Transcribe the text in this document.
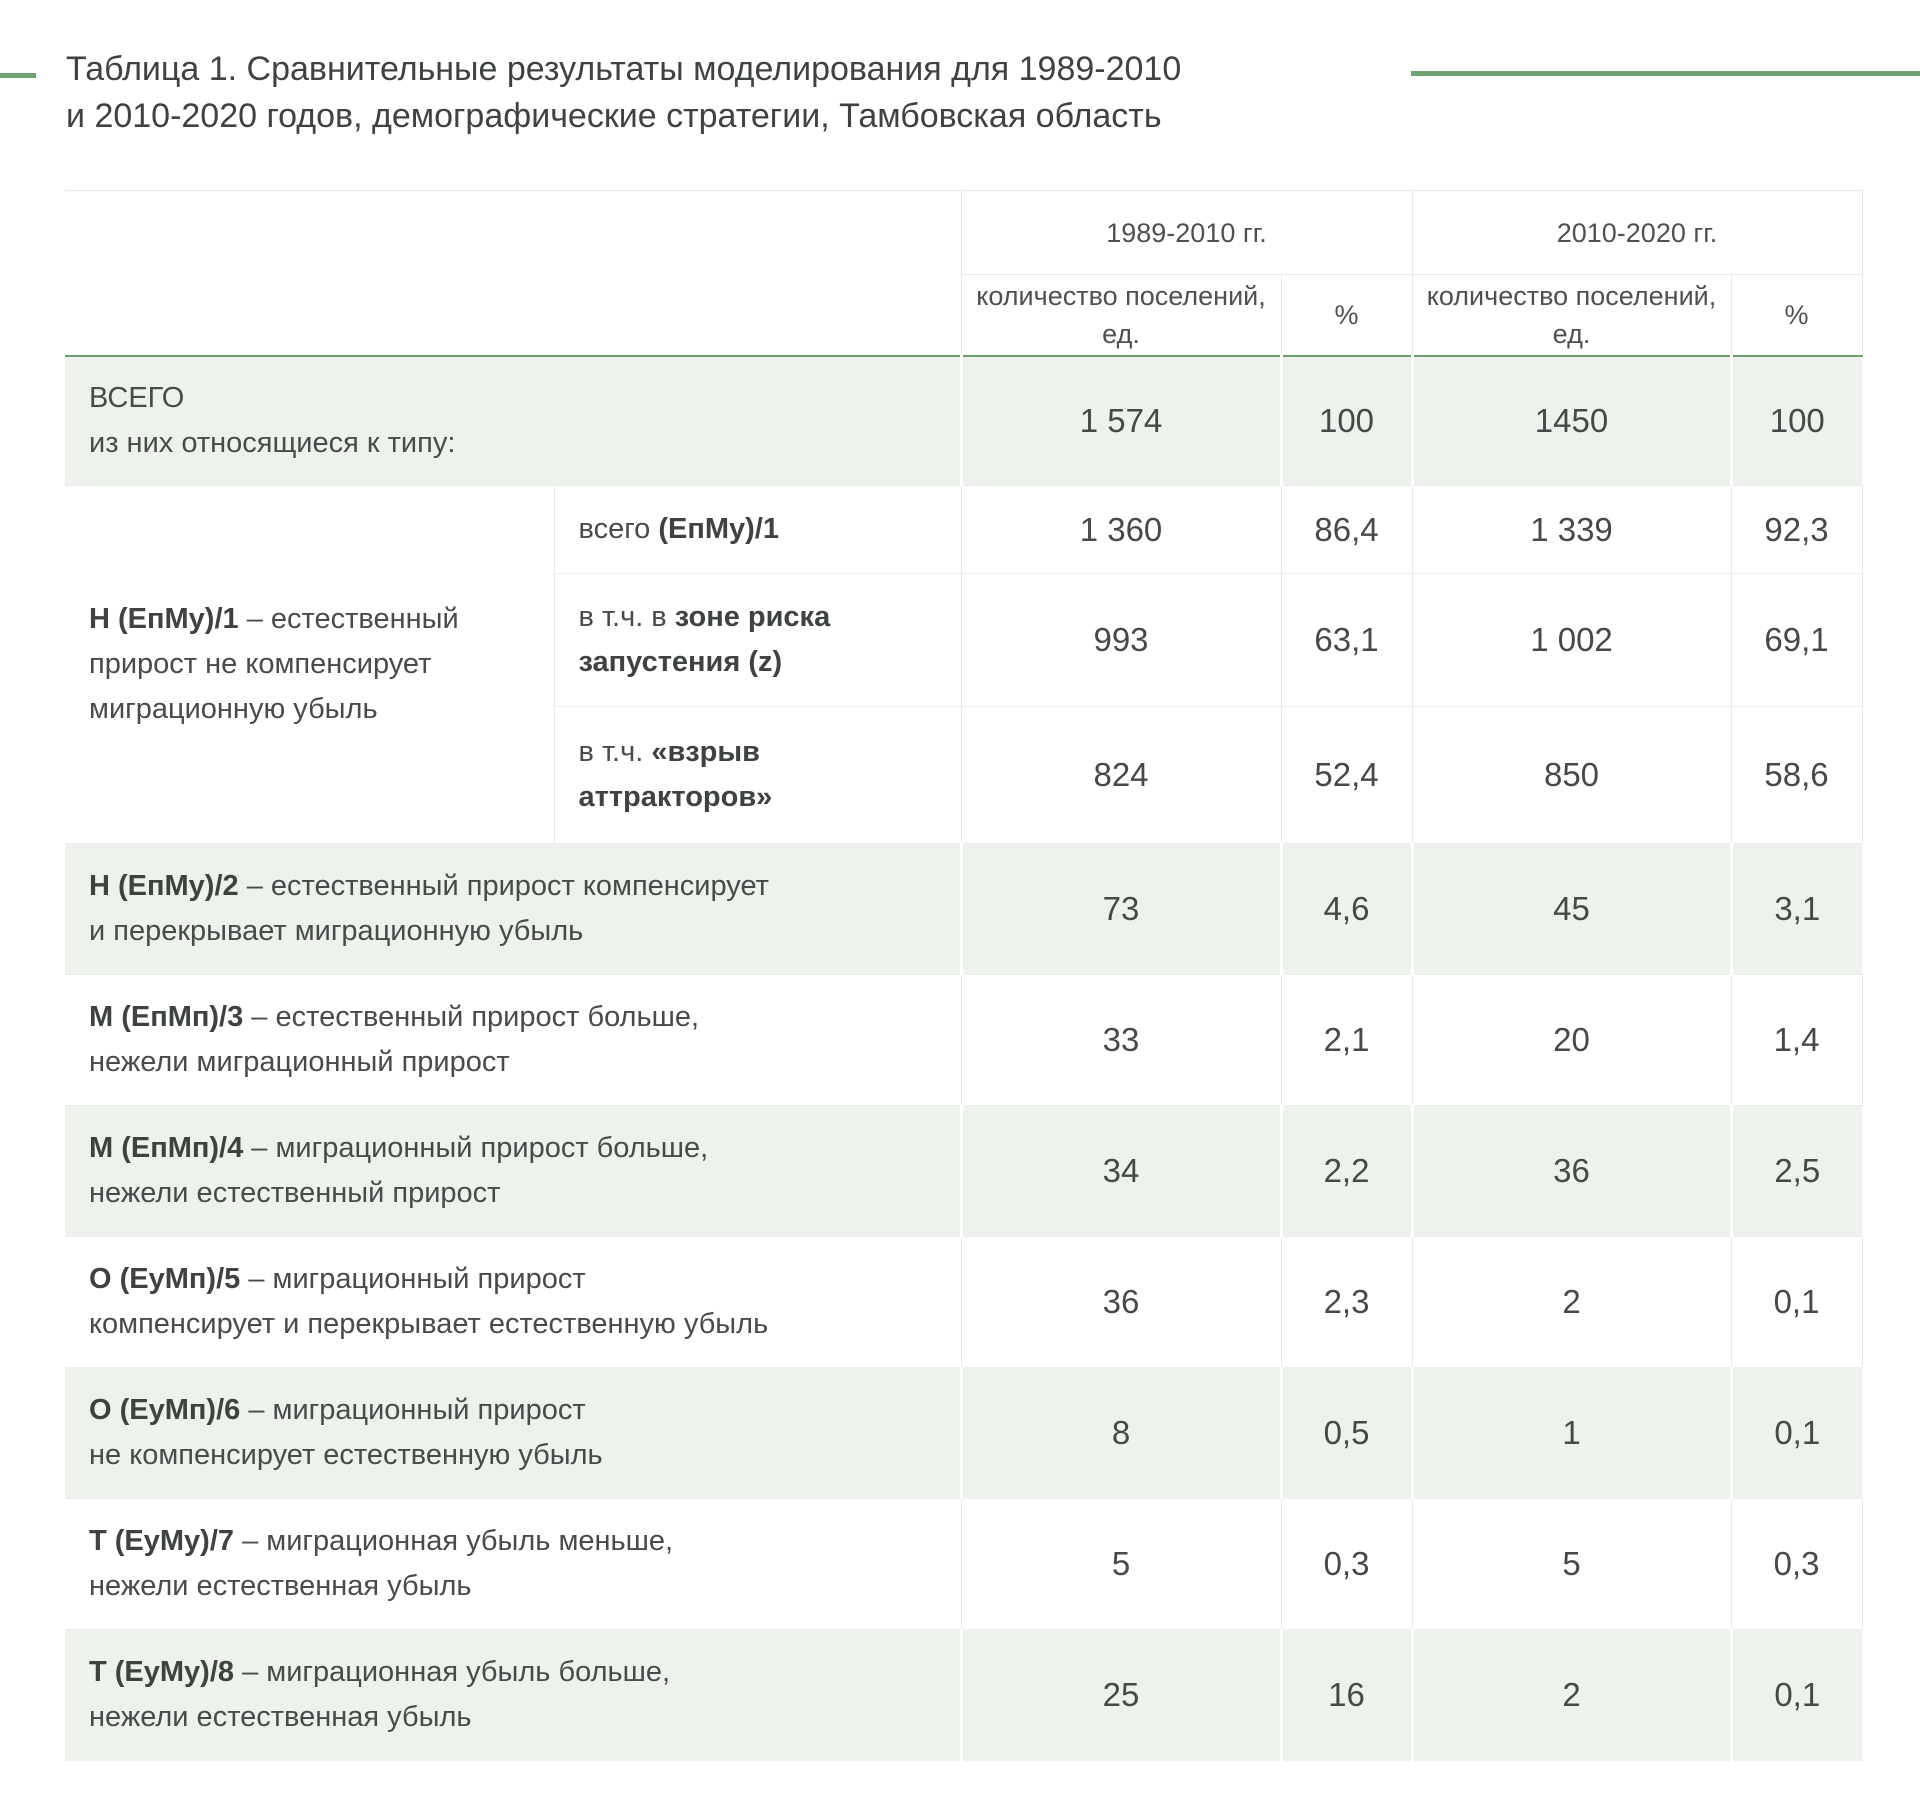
Таблица 1. Сравнительные результаты моделирования для 1989-2010
и 2010-2020 годов, демографические стратегии, Тамбовская область
		1989-2010 гг.		2010-2020 гг.	
		количество поселений, ед.	%	количество поселений, ед.	%

ВСЕГО
из них относящиеся к типу:		1 574	100	1450	100
Н (ЕпМу)/1 – естественный прирост не компенсирует миграционную убыль	всего (ЕпМу)/1	1 360	86,4	1 339	92,3
	в т.ч. в зоне риска запустения (z)	993	63,1	1 002	69,1
	в т.ч. «взрыв аттракторов»	824	52,4	850	58,6

Н (ЕпМу)/2 – естественный прирост компенсирует
и перекрывает миграционную убыль		73	4,6	45	3,1

М (ЕпМп)/3 – естественный прирост больше,
нежели миграционный прирост		33	2,1	20	1,4

М (ЕпМп)/4 – миграционный прирост больше,
нежели естественный прирост		34	2,2	36	2,5

О (ЕуМп)/5 – миграционный прирост
компенсирует и перекрывает естественную убыль		36	2,3	2	0,1

О (ЕуМп)/6 – миграционный прирост
не компенсирует естественную убыль		8	0,5	1	0,1

Т (ЕуМу)/7 – миграционная убыль меньше,
нежели естественная убыль		5	0,3	5	0,3

Т (ЕуМу)/8 – миграционная убыль больше,
нежели естественная убыль		25	16	2	0,1
